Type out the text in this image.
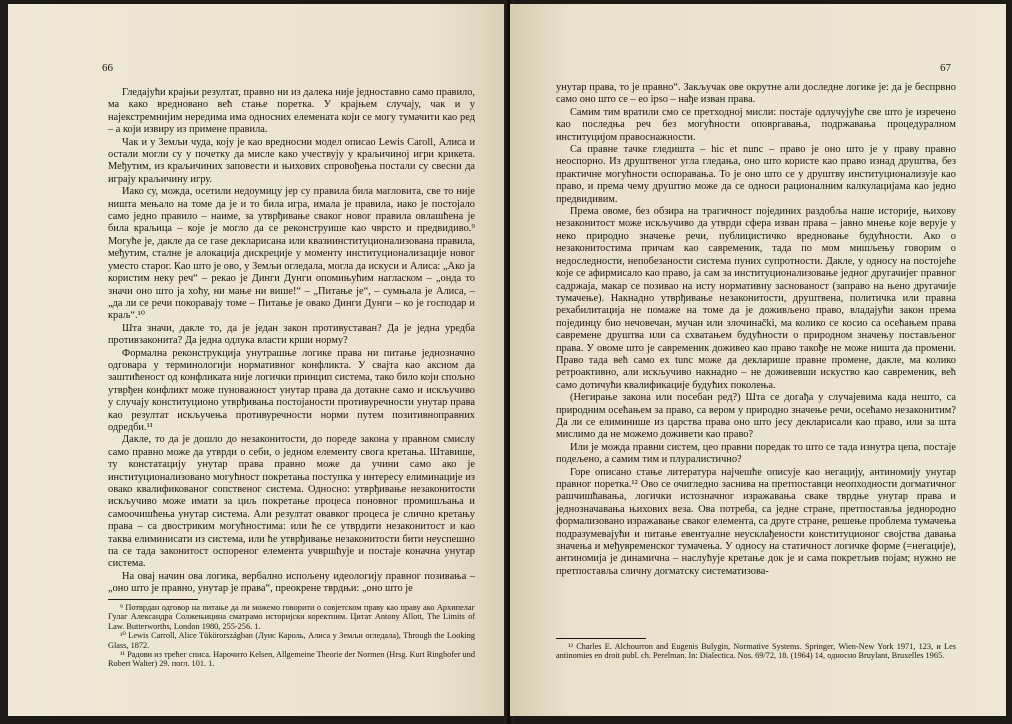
66

Гледајући крајњи резултат, правно ни из далека није једноставно само правило, ма како вредновано већ стање поретка. У крајњем случају, чак и у најекстремнијим нередима има односних елемената који се могу тумачити као ред – а који извиру из примене правила.

Чак и у Земљи чуда, коју је као вредносни модел описао Lewis Caroll, Алиса и остали могли су у почетку да мисле како учествују у краљичиној игри крикета. Међутим, из краљичиних заповести и њихових спровођења постали су свесни да играју краљичину игру.

Иако су, можда, осетили недоумицу јер су правила била магловита, све то није ништа мењало на томе да је и то била игра, имала је правила, иако је постојало само једно правило – наиме, за утврђивање сваког новог правила овлашћена је била краљица – које је могло да се реконструише као чврсто и предвидиво.⁹ Могуће је, дакле да се гаѕе декларисана или квазиинституционализована правила, међутим, сталне је алокација дискреције у моменту институционализације новог уместо старог. Као што је ово, у Земљи огледала, могла да искуси и Алиса: „Ако ја користим неку реч“ – рекао је Динги Дунги опомињућим нагласком – „онда то значи оно што ја хоћу, ни мање ни више!“ – „Питање је“, – сумњала је Алиса, – „да ли се речи покоравају томе – Питање је овако Динги Дунги – ко је господар и краљ“.¹⁰

Шта значи, дакле то, да је један закон противуставан? Да је једна уредба противзаконита? Да једна одлука власти крши норму?

Формална реконструкција унутрашње логике права ни питање једнозначно одговара у терминологији нормативног конфликта. У свајта као аксиом да заштићеност од конфликата није логички принцип система, тако било који спољно утврђен конфликт може пуноважност унутар права да дотакне само и искључиво у случају конституционо утврђивања постојаности противуречности унутар права као резултат искључења противуречности норми путем позитивноправних одредби.¹¹

Дакле, то да је дошло до незаконитости, до поредe закона у правном смислу само правно може да утврди о себи, о једном елементу свога кретања. Штавише, ту констатацију унутар права правно може да учини само ако је институционализовано могућност покретања поступка у интересу елиминације из овако квалификованог сопственог система. Односно: утврђивање незаконитости искључиво може имати за циљ покретање процеса поновног промишљања и самоочишћења унутар система. Али резултат овавког процеса је слично кретању права – са двостриким могућностима: или ће се утврдити незаконитост и као таква елиминисати из система, или ће утврђивање незаконитости бити неуспешно па се тада законитост оспореног елемента учвршћује и постаје коначна унутар система.

На овај начин ова логика, вербално испољену идеологију правног позивања – „оно што је правно, унутар је права“, преокрене тврдњи: „оно што је

⁹ Потврдан одговор на питање да ли можемо говорити о совјетском праву као праву ако Архипелаг Гулаг Александра Солжењицина сматрамо историјски коректним. Цитат Antony Allott, The Limits of Law. Butterworths, London 1980, 255-256. 1.

¹⁰ Lewis Carroll, Alice Tükörországban (Луис Кароль, Алиса у Земљи огледала), Through the Looking Glass, 1872.

¹¹ Радови из трећег списа. Нарочито Kelsen, Allgemeine Theorie der Normen (Hrsg. Kurt Ringhofer und Robert Walter) 29. погл. 101. 1.

67

унутар права, то је правно“. Закључак ове окрутне али доследне логике је: да је беспрвно само оно што се – eo ipso – нађе изван права.

Самим тим вратили смо се претходној мисли: постаје одлучујуће све што је изречено као последња реч без могућности оповргавања, подржавања процедуралном институцијом правоснажности.

Са правне тачке гледишта – hic et nunc – право је оно што је у праву правно неоспорно. Из друштвеног угла гледања, оно што користе као право изнад друштва, без практичне могућности оспоравања. То је оно што се у друштву институционализује као право, и према чему друштво може да се односи рационалним калкулацијама као једно предвидивим.

Према овоме, без обзира на трагичност појединих раздобља наше историје, њихову незаконитост може искључиво да утврди сфера изван права – јавно мнење које верује у неко природно значење речи, публицистичко вредновање будућности. Ако о незаконитостима причам као савременик, тада по мом мишљењу говорим о недоследности, непобезаности система пуних супротности. Дакле, у односу на постојеће које се афирмисало као право, ја сам за институционализовање једног другачијег правног садржаја, макар се позивао на исту нормативну заснованост (заправо на њено другачије тумачење). Накнадно утврђивање незаконитости, друштвена, политичка или правна рехабилитација не помаже на томе да је доживљено право, владајући закон према појединцу био нечовечан, мучан или злочинački, ма колико се косио са осећањем права савремене друштва или са схватањем будућности о природном значењу постављеног права. У овоме што је савременик доживео као право такође не може ништа да промени. Право тада већ само ex tunc може да декларише правне промене, дакле, ма колико ретроактивно, али искључиво накнадно – не доживевши искуство као савременик, већ само дотичући квалификације будућих поколења.

(Негирање закона или посебан ред?) Шта се догађа у случајевима када нешто, са природним осећањем за право, са вером у природно значење речи, осећамо незаконитим? Да ли се елиминише из царства права оно што јесу декларисали као право, или за шта мислимо да не можемо доживети као право?

Или је можда правни систем, цео правни поредак то што се тада изнутра цепа, постаје подељено, а самим тим и плуралистично?

Горе описано стање литература најчешће описује као негацију, антиномију унутар правног поретка.¹² Ово се очигледно заснива на претпоставци неопходности догматичног рашчишћавања, логички истозначног изражавања сваке тврдње унутар права и једнозначавања њихових веза. Ова потреба, са једне стране, претпостављa једнородно формализовано изражавање сваког елемента, са друге стране, решење проблема тумачења подразумевајући и питање евентуалне неусклађености конституционог својства давања значења и међувременског тумачења. У односу на статичност логичке форме (=негације), антиномија је динамична – наслућује кретање док је и сама покретљив појам; нужно не претпостављa сличну догматску систематизова-

¹² Charles E. Alchourron and Eugenis Bulygin, Normative Systems. Springer, Wien-New York 1971, 123, и Les antinomies en droit publ. ch. Perelman. In: Dialectica. Nos. 69/72, 18. (1964) 14, односно Bruylant, Bruxelles 1965.
